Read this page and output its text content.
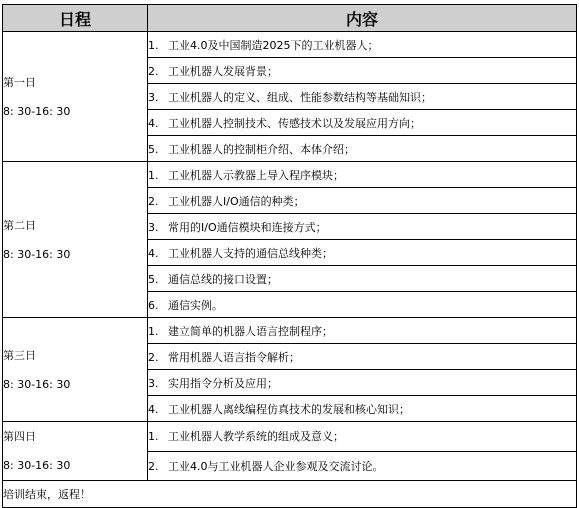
日程	内容

第一日
8: 30-16: 30	1. 工业4.0及中国制造2025下的工业机器人；
	2. 工业机器人发展背景；
	3. 工业机器人的定义、组成、性能参数结构等基础知识；
	4. 工业机器人控制技术、传感技术以及发展应用方向；
	5. 工业机器人的控制柜介绍、本体介绍；

第二日
8: 30-16: 30	1. 工业机器人示教器上导入程序模块；
	2. 工业机器人I/O通信的种类；
	3. 常用的I/O通信模块和连接方式；
	4. 工业机器人支持的通信总线种类；
	5. 通信总线的接口设置；
	6. 通信实例。

第三日
8: 30-16: 30	1. 建立简单的机器人语言控制程序；
	2. 常用机器人语言指令解析；
	3. 实用指令分析及应用；
	4. 工业机器人离线编程仿真技术的发展和核心知识；

第四日
8: 30-16: 30	1. 工业机器人教学系统的组成及意义；
	2. 工业4.0与工业机器人企业参观及交流讨论。
培训结束，返程！	
